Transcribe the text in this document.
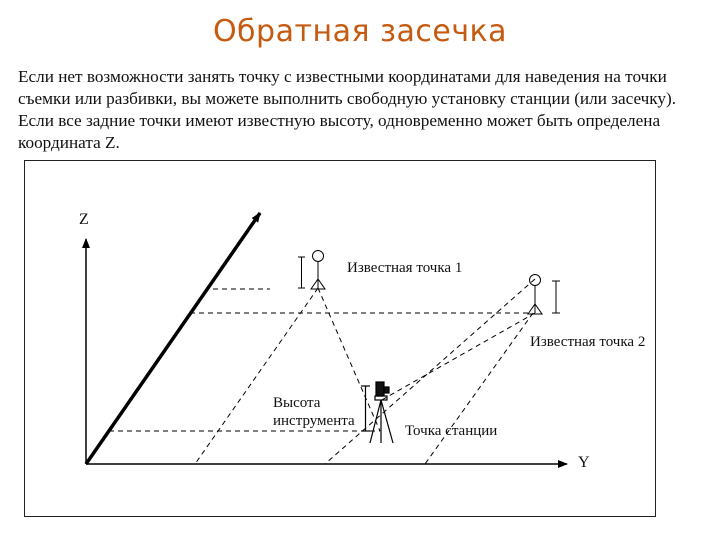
Обратная засечка

Если нет возможности занять точку с известными координатами для наведения на точки съемки или разбивки, вы можете выполнить свободную установку станции (или засечку). Если все задние точки имеют известную высоту, одновременно может быть определена координата Z.

Z
Y
Известная точка 1
Известная точка 2
Высота
инструмента
Точка станции
